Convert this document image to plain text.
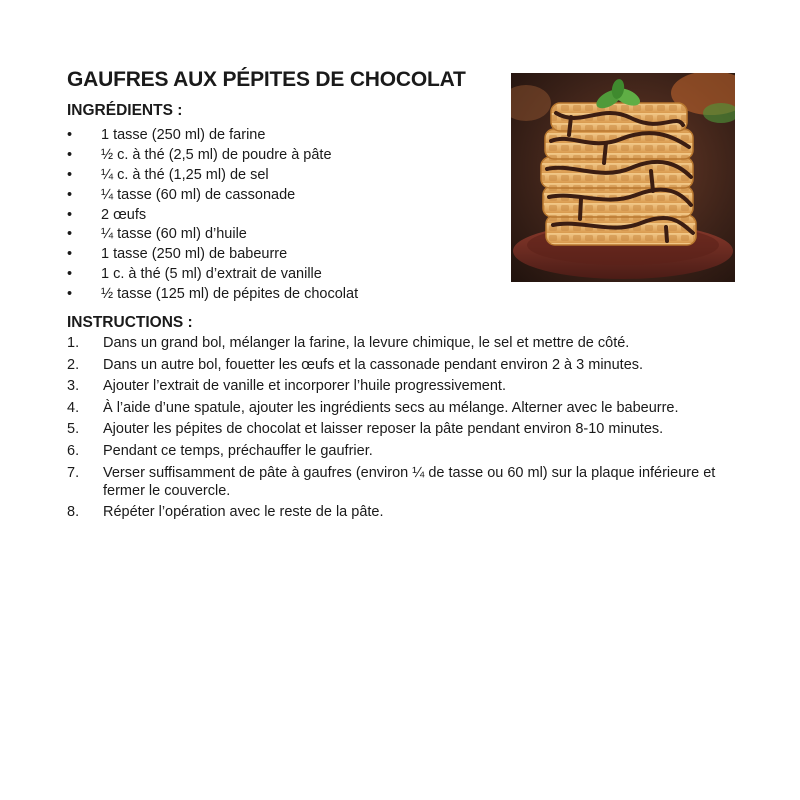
GAUFRES AUX PÉPITES DE CHOCOLAT
INGRÉDIENTS :
•	1 tasse (250 ml) de farine
•	½ c. à thé (2,5 ml) de poudre à pâte
•	¼ c. à thé (1,25 ml) de sel
•	¼ tasse (60 ml) de cassonade
•	2 œufs
•	¼ tasse (60 ml) d’huile
•	1 tasse (250 ml) de babeurre
•	1 c. à thé (5 ml) d’extrait de vanille
•	½ tasse (125 ml) de pépites de chocolat
INSTRUCTIONS :
1. Dans un grand bol, mélanger la farine, la levure chimique, le sel et mettre de côté.
2. Dans un autre bol, fouetter les œufs et la cassonade pendant environ 2 à 3 minutes.
3. Ajouter l’extrait de vanille et incorporer l’huile progressivement.
4. À l’aide d’une spatule, ajouter les ingrédients secs au mélange. Alterner avec le babeurre.
5. Ajouter les pépites de chocolat et laisser reposer la pâte pendant environ 8-10 minutes.
6. Pendant ce temps, préchauffer le gaufrier.
7. Verser suffisamment de pâte à gaufres (environ ¼ de tasse ou 60 ml) sur la plaque inférieure et fermer le couvercle.
8. Répéter l’opération avec le reste de la pâte.
